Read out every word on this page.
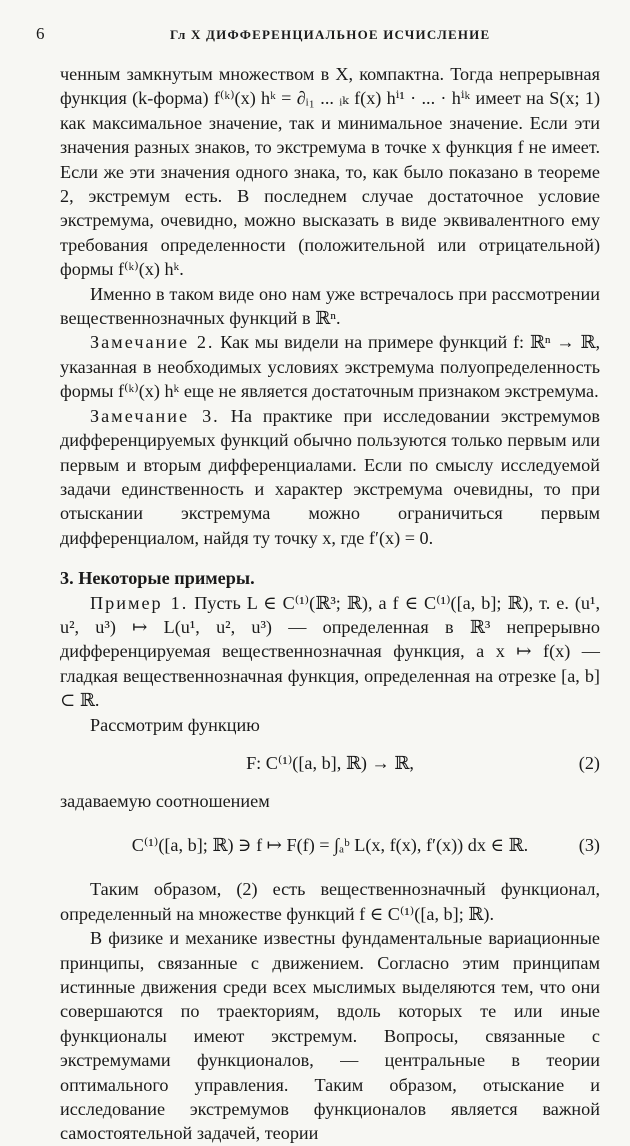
6	Гл X ДИФФЕРЕНЦИАЛЬНОЕ ИСЧИСЛЕНИЕ

ченным замкнутым множеством в X, компактна. Тогда непрерывная функция (k-форма) f⁽ᵏ⁾(x) hᵏ = ∂ᵢ₁ ... ᵢₖ f(x) hⁱ¹ · ... · hⁱᵏ имеет на S(x; 1) как максимальное значение, так и минимальное значение. Если эти значения разных знаков, то экстремума в точке x функция f не имеет. Если же эти значения одного знака, то, как было показано в теореме 2, экстремум есть. В последнем случае достаточное условие экстремума, очевидно, можно высказать в виде эквивалентного ему требования определенности (положительной или отрицательной) формы f⁽ᵏ⁾(x) hᵏ.

Именно в таком виде оно нам уже встречалось при рассмотрении вещественнозначных функций в ℝⁿ.

Замечание 2. Как мы видели на примере функций f: ℝⁿ → ℝ, указанная в необходимых условиях экстремума полуопределенность формы f⁽ᵏ⁾(x) hᵏ еще не является достаточным признаком экстремума.

Замечание 3. На практике при исследовании экстремумов дифференцируемых функций обычно пользуются только первым или первым и вторым дифференциалами. Если по смыслу исследуемой задачи единственность и характер экстремума очевидны, то при отыскании экстремума можно ограничиться первым дифференциалом, найдя ту точку x, где f′(x) = 0.

3. Некоторые примеры.

Пример 1. Пусть L ∈ C⁽¹⁾(ℝ³; ℝ), а f ∈ C⁽¹⁾([a, b]; ℝ), т. е. (u¹, u², u³) ↦ L(u¹, u², u³) — определенная в ℝ³ непрерывно дифференцируемая вещественнозначная функция, а x ↦ f(x) — гладкая вещественнозначная функция, определенная на отрезке [a, b] ⊂ ℝ.

Рассмотрим функцию

F: C⁽¹⁾([a, b], ℝ) → ℝ,	(2)

задаваемую соотношением

C⁽¹⁾([a, b]; ℝ) ∋ f ↦ F(f) = ∫ₐᵇ L(x, f(x), f′(x)) dx ∈ ℝ.	(3)

Таким образом, (2) есть вещественнозначный функционал, определенный на множестве функций f ∈ C⁽¹⁾([a, b]; ℝ).

В физике и механике известны фундаментальные вариационные принципы, связанные с движением. Согласно этим принципам истинные движения среди всех мыслимых выделяются тем, что они совершаются по траекториям, вдоль которых те или иные функционалы имеют экстремум. Вопросы, связанные с экстремумами функционалов, — центральные в теории оптимального управления. Таким образом, отыскание и исследование экстремумов функционалов является важной самостоятельной задачей, теории
